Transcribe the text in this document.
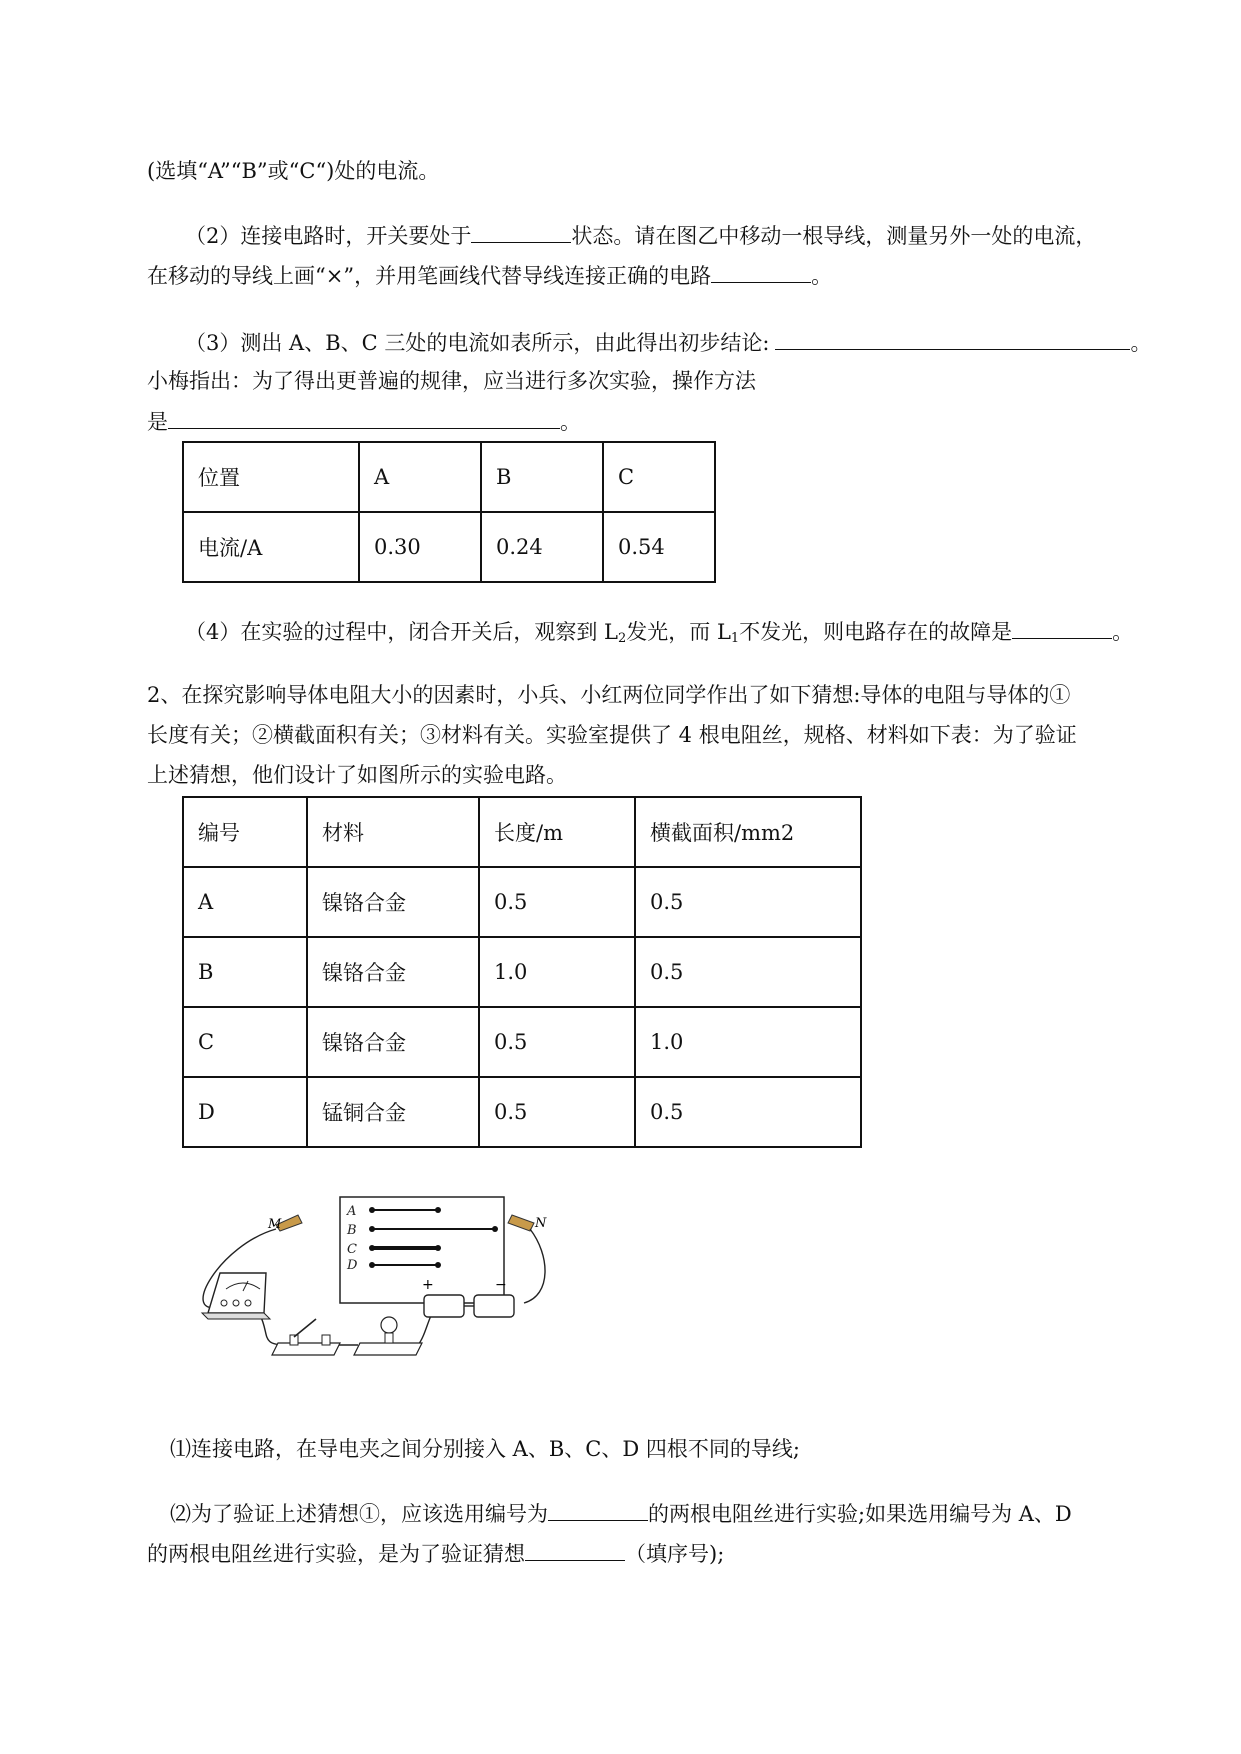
(选填“A”“B”或“C“)处的电流。
（2）连接电路时，开关要处于	状态。请在图乙中移动一根导线，测量另外一处的电流，
在移动的导线上画“×”，并用笔画线代替导线连接正确的电路	。
（3）测出 A、B、C 三处的电流如表所示，由此得出初步结论:	。
小梅指出：为了得出更普遍的规律，应当进行多次实验，操作方法
是	。
位置	A	B	C
电流/A	0.30	0.24	0.54
（4）在实验的过程中，闭合开关后，观察到 $L_2$发光，而 $L_1$不发光，则电路存在的故障是	。
2、在探究影响导体电阻大小的因素时，小兵、小红两位同学作出了如下猜想:导体的电阻与导体的①
长度有关；②横截面积有关；③材料有关。实验室提供了 4 根电阻丝，规格、材料如下表：为了验证
上述猜想，他们设计了如图所示的实验电路。
编号	材料	长度/m	横截面积/mm2
A	镍铬合金	0.5	0.5
B	镍铬合金	1.0	0.5
C	镍铬合金	0.5	1.0
D	锰铜合金	0.5	0.5
A
B
C
D
M	N
+	−
⑴连接电路，在导电夹之间分别接入 A、B、C、D 四根不同的导线;
⑵为了验证上述猜想①，应该选用编号为	的两根电阻丝进行实验;如果选用编号为 A、D
的两根电阻丝进行实验，是为了验证猜想	（填序号);
